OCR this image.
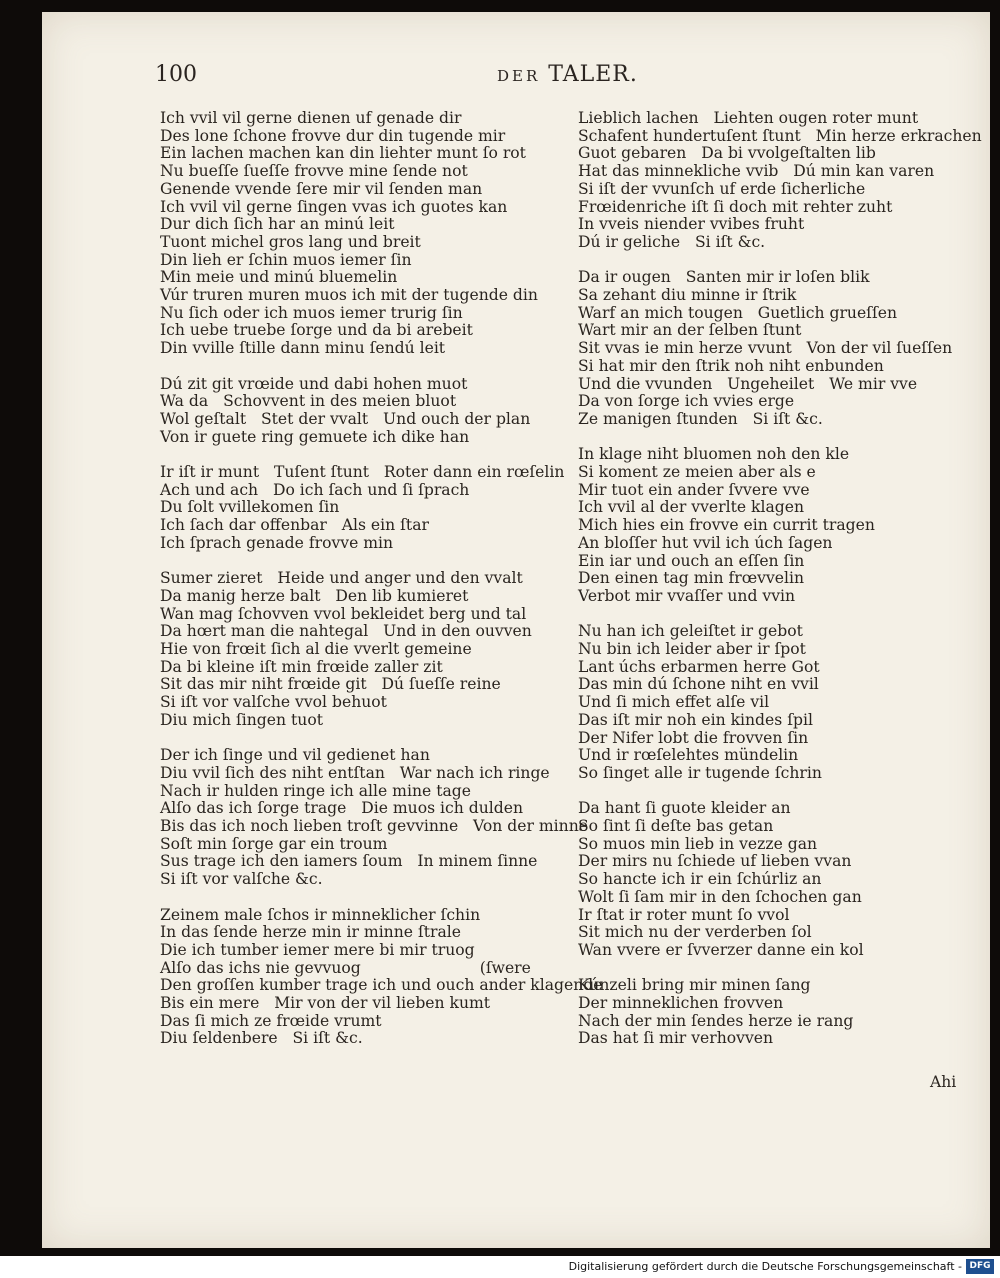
100	DER TALER.
Ich vvil vil gerne dienen uf genade dir
Des lone ſchone frovve dur din tugende mir
Ein lachen machen kan din liehter munt ſo rot
Nu bueſſe ſueſſe frovve mine ſende not
Genende vvende ſere mir vil ſenden man
Ich vvil vil gerne ſingen vvas ich guotes kan
Dur dich ſich har an minú leit
Tuont michel gros lang und breit
Din lieh er ſchin muos iemer ſin
Min meie und minú bluemelin
Vúr truren muren muos ich mit der tugende din
Nu ſich oder ich muos iemer trurig ſin
Ich uebe truebe ſorge und da bi arebeit
Din vville ſtille dann minu ſendú leit
Dú zit git vrœide und dabi hohen muot
Wa da   Schovvent in des meien bluot
Wol geſtalt   Stet der vvalt   Und ouch der plan
Von ir guete ring gemuete ich dike han
Ir iſt ir munt   Tuſent ſtunt   Roter dann ein rœſelin
Ach und ach   Do ich ſach und ſi ſprach
Du ſolt vvillekomen ſin
Ich ſach dar offenbar   Als ein ſtar
Ich ſprach genade frovve min
Sumer zieret   Heide und anger und den vvalt
Da manig herze balt   Den lib kumieret
Wan mag ſchovven vvol bekleidet berg und tal
Da hœrt man die nahtegal   Und in den ouvven
Hie von frœit ſich al die vverlt gemeine
Da bi kleine iſt min frœide zaller zit
Sit das mir niht frœide git   Dú ſueſſe reine
Si iſt vor valſche vvol behuot
Diu mich ſingen tuot
Der ich ſinge und vil gedienet han
Diu vvil ſich des niht entſtan   War nach ich ringe
Nach ir hulden ringe ich alle mine tage
Alſo das ich ſorge trage   Die muos ich dulden
Bis das ich noch lieben troſt gevvinne   Von der minne
Soſt min ſorge gar ein troum
Sus trage ich den iamers ſoum   In minem ſinne
Si iſt vor valſche &c.
Zeinem male ſchos ir minneklicher ſchin
In das ſende herze min ir minne ſtrale
Die ich tumber iemer mere bi mir truog
Alſo das ichs nie gevvuog                        (ſwere
Den groſſen kumber trage ich und ouch ander klagende
Bis ein mere   Mir von der vil lieben kumt
Das ſi mich ze frœide vrumt
Diu ſeldenbere   Si iſt &c.
Lieblich lachen   Liehten ougen roter munt
Schafent hundertuſent ſtunt   Min herze erkrachen
Guot gebaren   Da bi vvolgeſtalten lib
Hat das minnekliche vvib   Dú min kan varen
Si iſt der vvunſch uf erde ſicherliche
Frœidenriche iſt ſi doch mit rehter zuht
In vveis niender vvibes fruht
Dú ir geliche   Si iſt &c.
Da ir ougen   Santen mir ir loſen blik
Sa zehant diu minne ir ſtrik
Warf an mich tougen   Guetlich grueſſen
Wart mir an der ſelben ſtunt
Sit vvas ie min herze vvunt   Von der vil ſueſſen
Si hat mir den ſtrik noh niht enbunden
Und die vvunden   Ungeheilet   We mir vve
Da von ſorge ich vvies erge
Ze manigen ſtunden   Si iſt &c.
In klage niht bluomen noh den kle
Si koment ze meien aber als e
Mir tuot ein ander ſvvere vve
Ich vvil al der vverlte klagen
Mich hies ein frovve ein currit tragen
An bloſſer hut vvil ich úch ſagen
Ein iar und ouch an eſſen ſin
Den einen tag min frœvvelin
Verbot mir vvaſſer und vvin
Nu han ich geleiſtet ir gebot
Nu bin ich leider aber ir ſpot
Lant úchs erbarmen herre Got
Das min dú ſchone niht en vvil
Und ſi mich effet alſe vil
Das iſt mir noh ein kindes ſpil
Der Nifer lobt die frovven ſin
Und ir rœſelehtes mündelin
So ſinget alle ir tugende ſchrin
Da hant ſi guote kleider an
So ſint ſi deſte bas getan
So muos min lieb in vezze gan
Der mirs nu ſchiede uf lieben vvan
So hancte ich ir ein ſchúrliz an
Wolt ſi ſam mir in den ſchochen gan
Ir ſtat ir roter munt ſo vvol
Sit mich nu der verderben ſol
Wan vvere er ſvverzer danne ein kol
Kúnzeli bring mir minen ſang
Der minneklichen frovven
Nach der min ſendes herze ie rang
Das hat ſi mir verhovven
Ahi
Digitalisierung gefördert durch die Deutsche Forschungsgemeinschaft - DFG
